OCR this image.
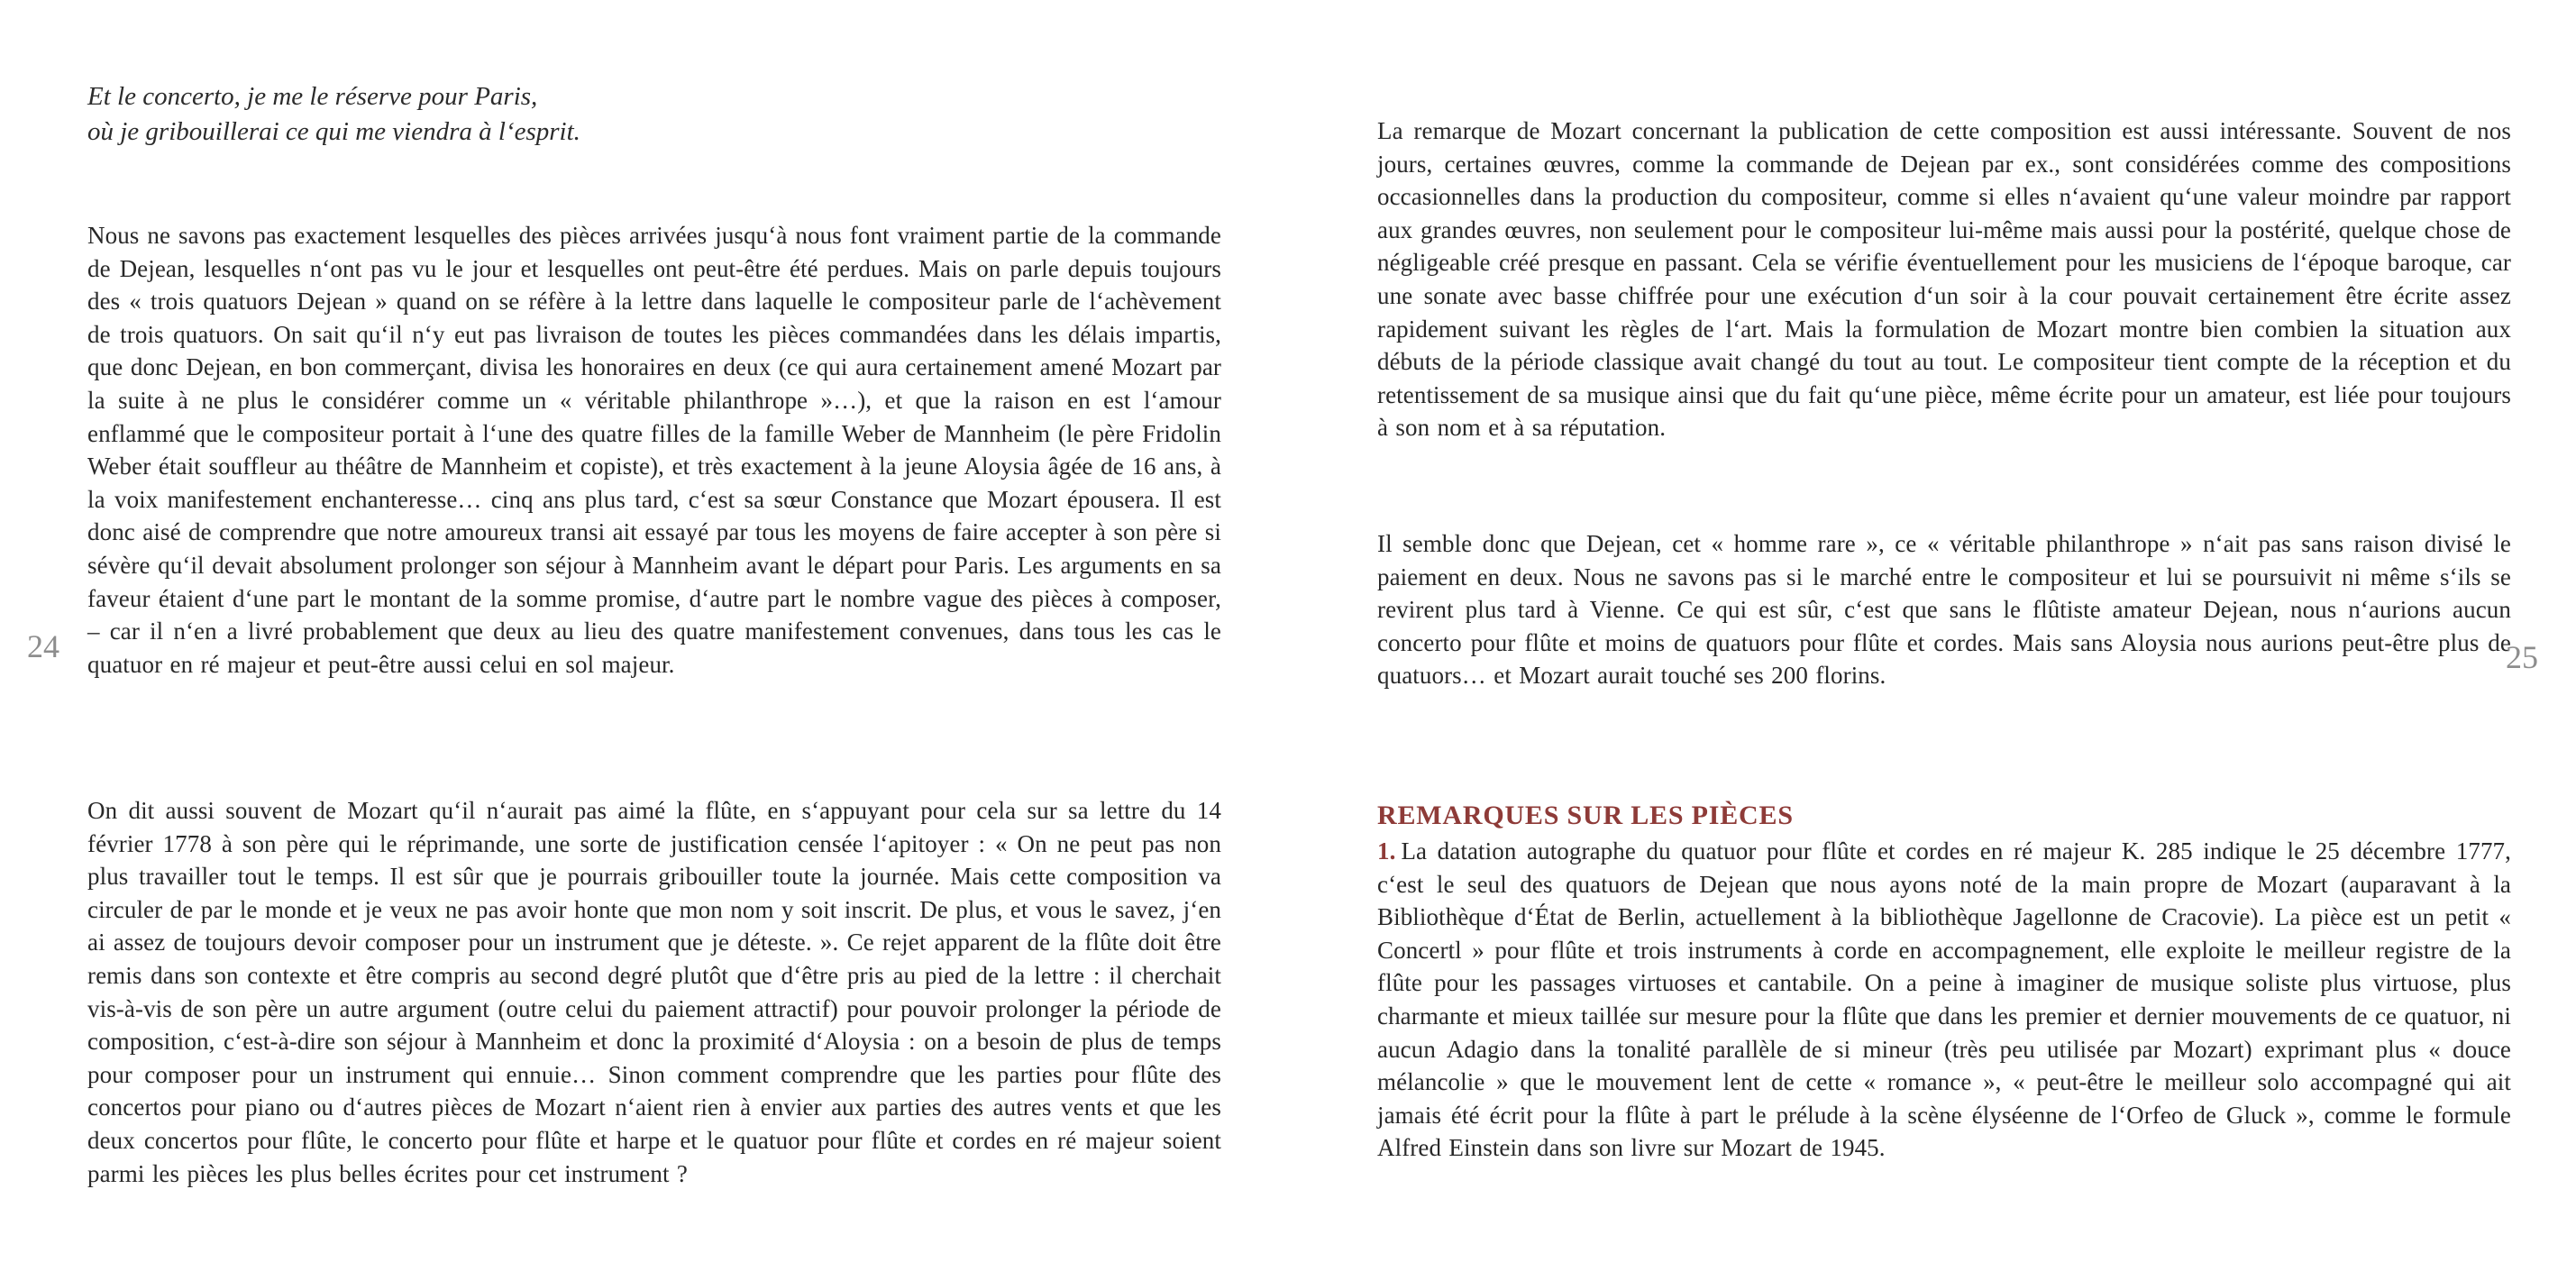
Et le concerto, je me le réserve pour Paris,
où je gribouillerai ce qui me viendra à l‘esprit.

Nous ne savons pas exactement lesquelles des pièces arrivées jusqu‘à nous font vraiment partie de la commande de Dejean, lesquelles n‘ont pas vu le jour et lesquelles ont peut-être été perdues. Mais on parle depuis toujours des « trois quatuors Dejean » quand on se réfère à la lettre dans laquelle le compositeur parle de l‘achèvement de trois quatuors. On sait qu‘il n‘y eut pas livraison de toutes les pièces commandées dans les délais impartis, que donc Dejean, en bon commerçant, divisa les honoraires en deux (ce qui aura certainement amené Mozart par la suite à ne plus le considérer comme un « véritable philanthrope »…), et que la raison en est l‘amour enflammé que le compositeur portait à l‘une des quatre filles de la famille Weber de Mannheim (le père Fridolin Weber était souffleur au théâtre de Mannheim et copiste), et très exactement à la jeune Aloysia âgée de 16 ans, à la voix manifestement enchanteresse… cinq ans plus tard, c‘est sa sœur Constance que Mozart épousera. Il est donc aisé de comprendre que notre amoureux transi ait essayé par tous les moyens de faire accepter à son père si sévère qu‘il devait absolument prolonger son séjour à Mannheim avant le départ pour Paris. Les arguments en sa faveur étaient d‘une part le montant de la somme promise, d‘autre part le nombre vague des pièces à composer, – car il n‘en a livré probablement que deux au lieu des quatre manifestement convenues, dans tous les cas le quatuor en ré majeur et peut-être aussi celui en sol majeur.

On dit aussi souvent de Mozart qu‘il n‘aurait pas aimé la flûte, en s‘appuyant pour cela sur sa lettre du 14 février 1778 à son père qui le réprimande, une sorte de justification censée l‘apitoyer : « On ne peut pas non plus travailler tout le temps. Il est sûr que je pourrais gribouiller toute la journée. Mais cette composition va circuler de par le monde et je veux ne pas avoir honte que mon nom y soit inscrit. De plus, et vous le savez, j‘en ai assez de toujours devoir composer pour un instrument que je déteste. ». Ce rejet apparent de la flûte doit être remis dans son contexte et être compris au second degré plutôt que d‘être pris au pied de la lettre : il cherchait vis-à-vis de son père un autre argument (outre celui du paiement attractif) pour pouvoir prolonger la période de composition, c‘est-à-dire son séjour à Mannheim et donc la proximité d‘Aloysia : on a besoin de plus de temps pour composer pour un instrument qui ennuie… Sinon comment comprendre que les parties pour flûte des concertos pour piano ou d‘autres pièces de Mozart n‘aient rien à envier aux parties des autres vents et que les deux concertos pour flûte, le concerto pour flûte et harpe et le quatuor pour flûte et cordes en ré majeur soient parmi les pièces les plus belles écrites pour cet instrument ?

La remarque de Mozart concernant la publication de cette composition est aussi intéressante. Souvent de nos jours, certaines œuvres, comme la commande de Dejean par ex., sont considérées comme des compositions occasionnelles dans la production du compositeur, comme si elles n‘avaient qu‘une valeur moindre par rapport aux grandes œuvres, non seulement pour le compositeur lui-même mais aussi pour la postérité, quelque chose de négligeable créé presque en passant. Cela se vérifie éventuellement pour les musiciens de l‘époque baroque, car une sonate avec basse chiffrée pour une exécution d‘un soir à la cour pouvait certainement être écrite assez rapidement suivant les règles de l‘art. Mais la formulation de Mozart montre bien combien la situation aux débuts de la période classique avait changé du tout au tout. Le compositeur tient compte de la réception et du retentissement de sa musique ainsi que du fait qu‘une pièce, même écrite pour un amateur, est liée pour toujours à son nom et à sa réputation.

Il semble donc que Dejean, cet « homme rare », ce « véritable philanthrope » n‘ait pas sans raison divisé le paiement en deux. Nous ne savons pas si le marché entre le compositeur et lui se poursuivit ni même s‘ils se revirent plus tard à Vienne. Ce qui est sûr, c‘est que sans le flûtiste amateur Dejean, nous n‘aurions aucun concerto pour flûte et moins de quatuors pour flûte et cordes. Mais sans Aloysia nous aurions peut-être plus de quatuors… et Mozart aurait touché ses 200 florins.

REMARQUES SUR LES PIÈCES

1. La datation autographe du quatuor pour flûte et cordes en ré majeur K. 285 indique le 25 décembre 1777, c‘est le seul des quatuors de Dejean que nous ayons noté de la main propre de Mozart (auparavant à la Bibliothèque d‘État de Berlin, actuellement à la bibliothèque Jagellonne de Cracovie). La pièce est un petit « Concertl » pour flûte et trois instruments à corde en accompagnement, elle exploite le meilleur registre de la flûte pour les passages virtuoses et cantabile. On a peine à imaginer de musique soliste plus virtuose, plus charmante et mieux taillée sur mesure pour la flûte que dans les premier et dernier mouvements de ce quatuor, ni aucun Adagio dans la tonalité parallèle de si mineur (très peu utilisée par Mozart) exprimant plus « douce mélancolie » que le mouvement lent de cette « romance », « peut-être le meilleur solo accompagné qui ait jamais été écrit pour la flûte à part le prélude à la scène élyséenne de l‘Orfeo de Gluck », comme le formule Alfred Einstein dans son livre sur Mozart de 1945.

24	25
